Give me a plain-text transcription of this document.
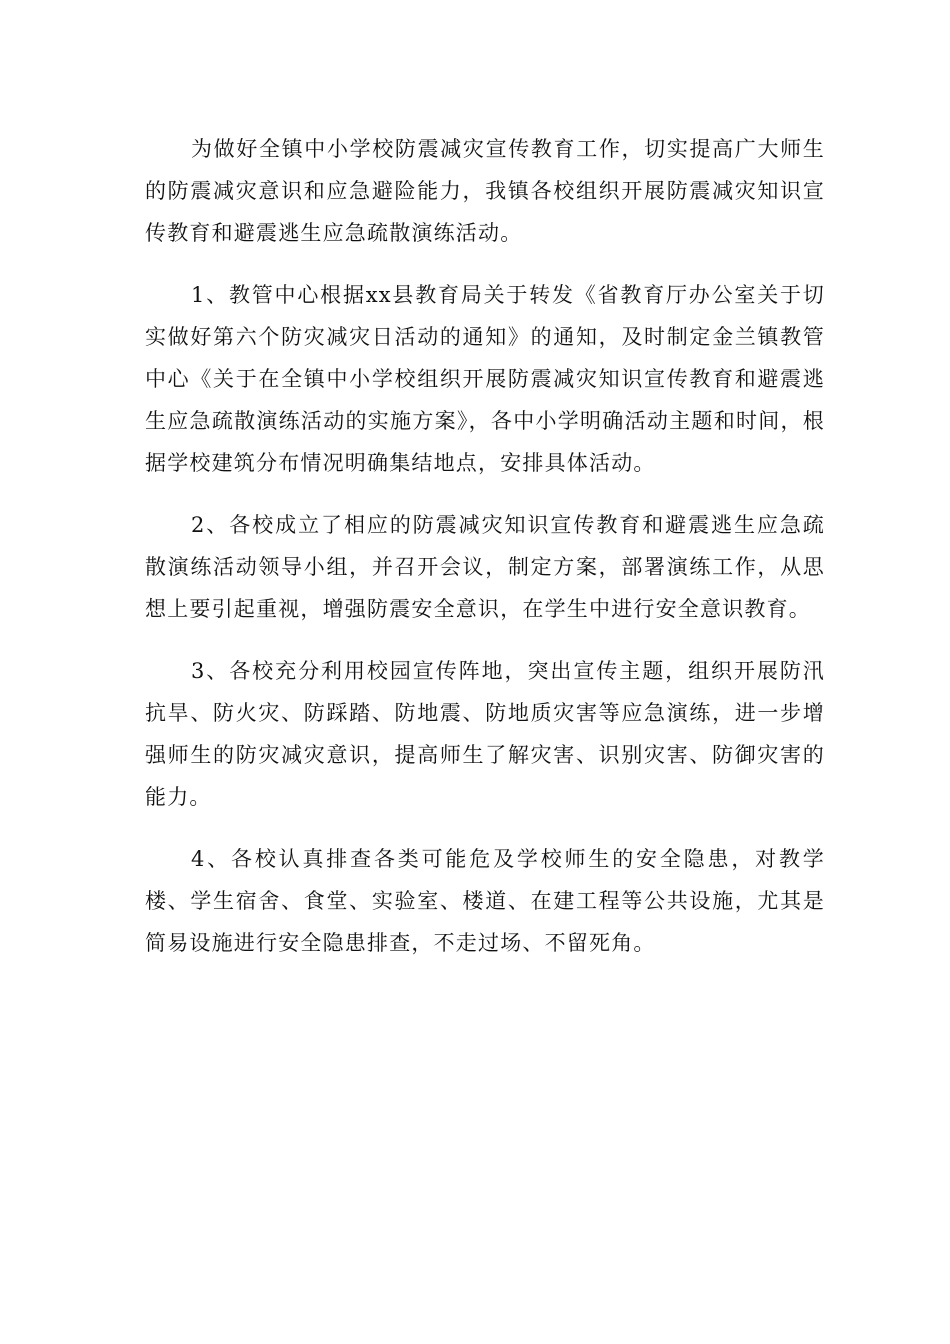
为做好全镇中小学校防震减灾宣传教育工作，切实提高广大师生的防震减灾意识和应急避险能力，我镇各校组织开展防震减灾知识宣传教育和避震逃生应急疏散演练活动。

1、教管中心根据xx县教育局关于转发《省教育厅办公室关于切实做好第六个防灾减灾日活动的通知》的通知，及时制定金兰镇教管中心《关于在全镇中小学校组织开展防震减灾知识宣传教育和避震逃生应急疏散演练活动的实施方案》，各中小学明确活动主题和时间，根据学校建筑分布情况明确集结地点，安排具体活动。

2、各校成立了相应的防震减灾知识宣传教育和避震逃生应急疏散演练活动领导小组，并召开会议，制定方案，部署演练工作，从思想上要引起重视，增强防震安全意识，在学生中进行安全意识教育。

3、各校充分利用校园宣传阵地，突出宣传主题，组织开展防汛抗旱、防火灾、防踩踏、防地震、防地质灾害等应急演练，进一步增强师生的防灾减灾意识，提高师生了解灾害、识别灾害、防御灾害的能力。

4、各校认真排查各类可能危及学校师生的安全隐患，对教学楼、学生宿舍、食堂、实验室、楼道、在建工程等公共设施，尤其是简易设施进行安全隐患排查，不走过场、不留死角。
